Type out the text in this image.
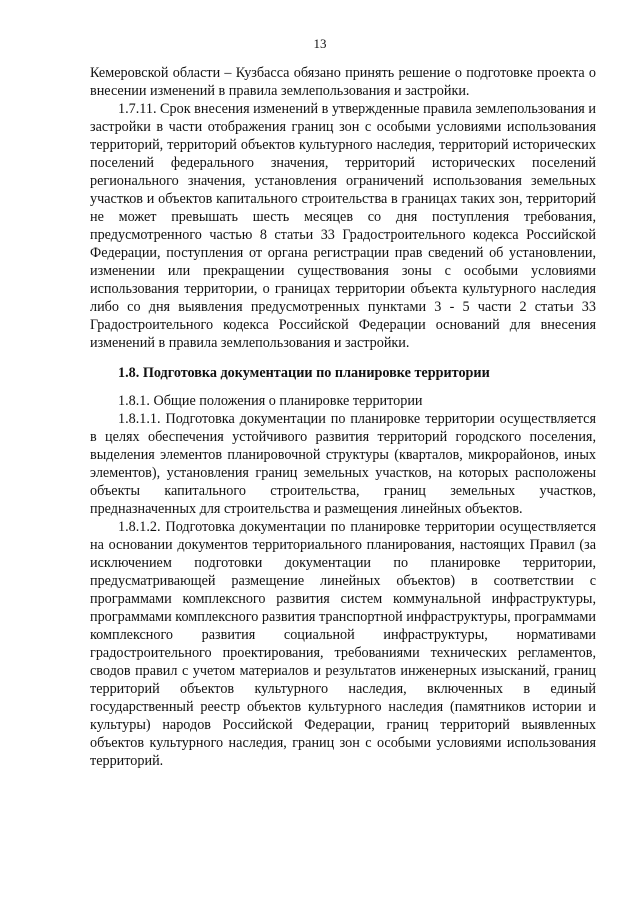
13

Кемеровской области – Кузбасса обязано принять решение о подготовке проекта о внесении изменений в правила землепользования и застройки.

1.7.11. Срок внесения изменений в утвержденные правила землепользования и застройки в части отображения границ зон с особыми условиями использования территорий, территорий объектов культурного наследия, территорий исторических поселений федерального значения, территорий исторических поселений регионального значения, установления ограничений использования земельных участков и объектов капитального строительства в границах таких зон, территорий не может превышать шесть месяцев со дня поступления требования, предусмотренного частью 8 статьи 33 Градостроительного кодекса Российской Федерации, поступления от органа регистрации прав сведений об установлении, изменении или прекращении существования зоны с особыми условиями использования территории, о границах территории объекта культурного наследия либо со дня выявления предусмотренных пунктами 3 - 5 части 2 статьи 33 Градостроительного кодекса Российской Федерации оснований для внесения изменений в правила землепользования и застройки.

1.8. Подготовка документации по планировке территории

1.8.1. Общие положения о планировке территории

1.8.1.1. Подготовка документации по планировке территории осуществляется в целях обеспечения устойчивого развития территорий городского поселения, выделения элементов планировочной структуры (кварталов, микрорайонов, иных элементов), установления границ земельных участков, на которых расположены объекты капитального строительства, границ земельных участков, предназначенных для строительства и размещения линейных объектов.

1.8.1.2. Подготовка документации по планировке территории осуществляется на основании документов территориального планирования, настоящих Правил (за исключением подготовки документации по планировке территории, предусматривающей размещение линейных объектов) в соответствии с программами комплексного развития систем коммунальной инфраструктуры, программами комплексного развития транспортной инфраструктуры, программами комплексного развития социальной инфраструктуры, нормативами градостроительного проектирования, требованиями технических регламентов, сводов правил с учетом материалов и результатов инженерных изысканий, границ территорий объектов культурного наследия, включенных в единый государственный реестр объектов культурного наследия (памятников истории и культуры) народов Российской Федерации, границ территорий выявленных объектов культурного наследия, границ зон с особыми условиями использования территорий.
